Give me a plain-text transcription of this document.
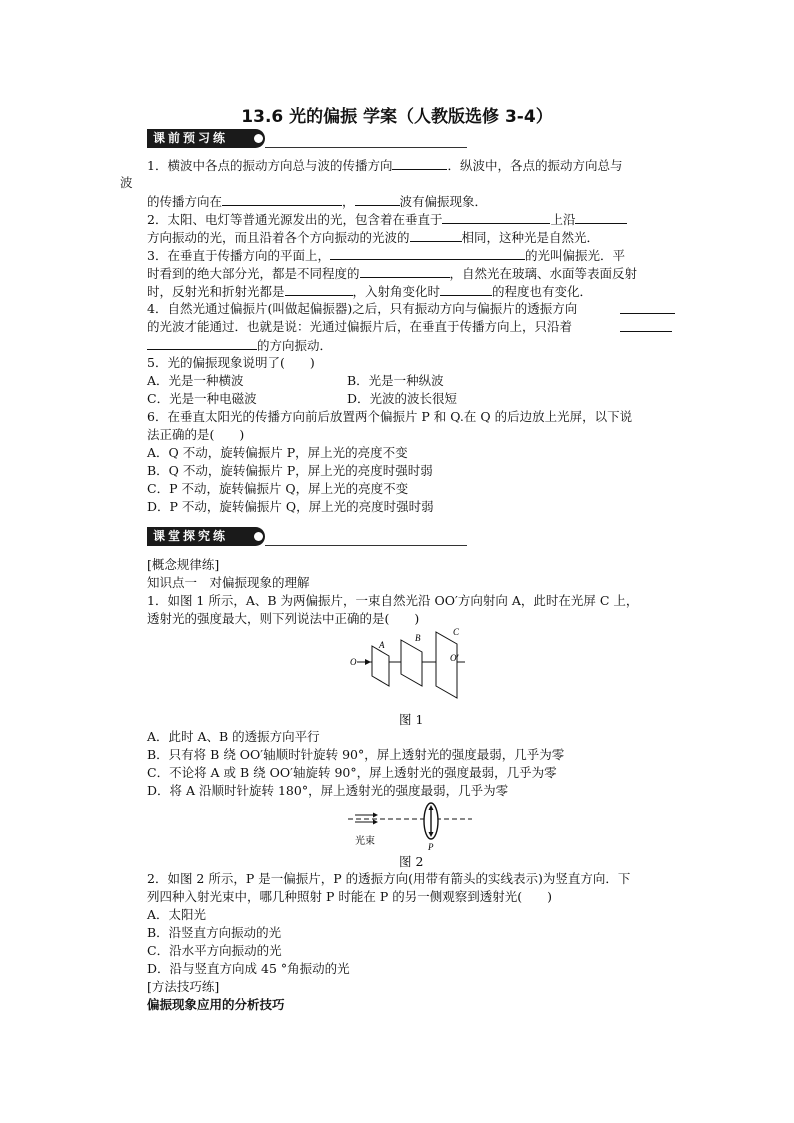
13.6 光的偏振 学案（人教版选修 3-4）
课前预习练
1．横波中各点的振动方向总与波的传播方向	．纵波中，各点的振动方向总与
波
的传播方向在	，	波有偏振现象．
2．太阳、电灯等普通光源发出的光，包含着在垂直于	上沿
方向振动的光，而且沿着各个方向振动的光波的	相同，这种光是自然光．
3．在垂直于传播方向的平面上，	的光叫偏振光．平
时看到的绝大部分光，都是不同程度的	，自然光在玻璃、水面等表面反射
时，反射光和折射光都是	，入射角变化时	的程度也有变化．
4．自然光通过偏振片(叫做起偏振器)之后，只有振动方向与偏振片的透振方向
的光波才能通过．也就是说：光通过偏振片后，在垂直于传播方向上，只沿着
的方向振动．
5．光的偏振现象说明了(　　)
A．光是一种横波	B．光是一种纵波
C．光是一种电磁波	D．光波的波长很短
6．在垂直太阳光的传播方向前后放置两个偏振片 P 和 Q.在 Q 的后边放上光屏，以下说
法正确的是(　　)
A．Q 不动，旋转偏振片 P，屏上光的亮度不变
B．Q 不动，旋转偏振片 P，屏上光的亮度时强时弱
C．P 不动，旋转偏振片 Q，屏上光的亮度不变
D．P 不动，旋转偏振片 Q，屏上光的亮度时强时弱
课堂探究练
[概念规律练]
知识点一　对偏振现象的理解
1．如图 1 所示，A、B 为两偏振片，一束自然光沿 OO′方向射向 A，此时在光屏 C 上，
透射光的强度最大，则下列说法中正确的是(　　)
O
A
B
C
O′
图 1
A．此时 A、B 的透振方向平行
B．只有将 B 绕 OO′轴顺时针旋转 90°，屏上透射光的强度最弱，几乎为零
C．不论将 A 或 B 绕 OO′轴旋转 90°，屏上透射光的强度最弱，几乎为零
D．将 A 沿顺时针旋转 180°，屏上透射光的强度最弱，几乎为零
光束	P
图 2
2．如图 2 所示，P 是一偏振片，P 的透振方向(用带有箭头的实线表示)为竖直方向．下
列四种入射光束中，哪几种照射 P 时能在 P 的另一侧观察到透射光(　　)
A．太阳光
B．沿竖直方向振动的光
C．沿水平方向振动的光
D．沿与竖直方向成 45 °角振动的光
[方法技巧练]
偏振现象应用的分析技巧
